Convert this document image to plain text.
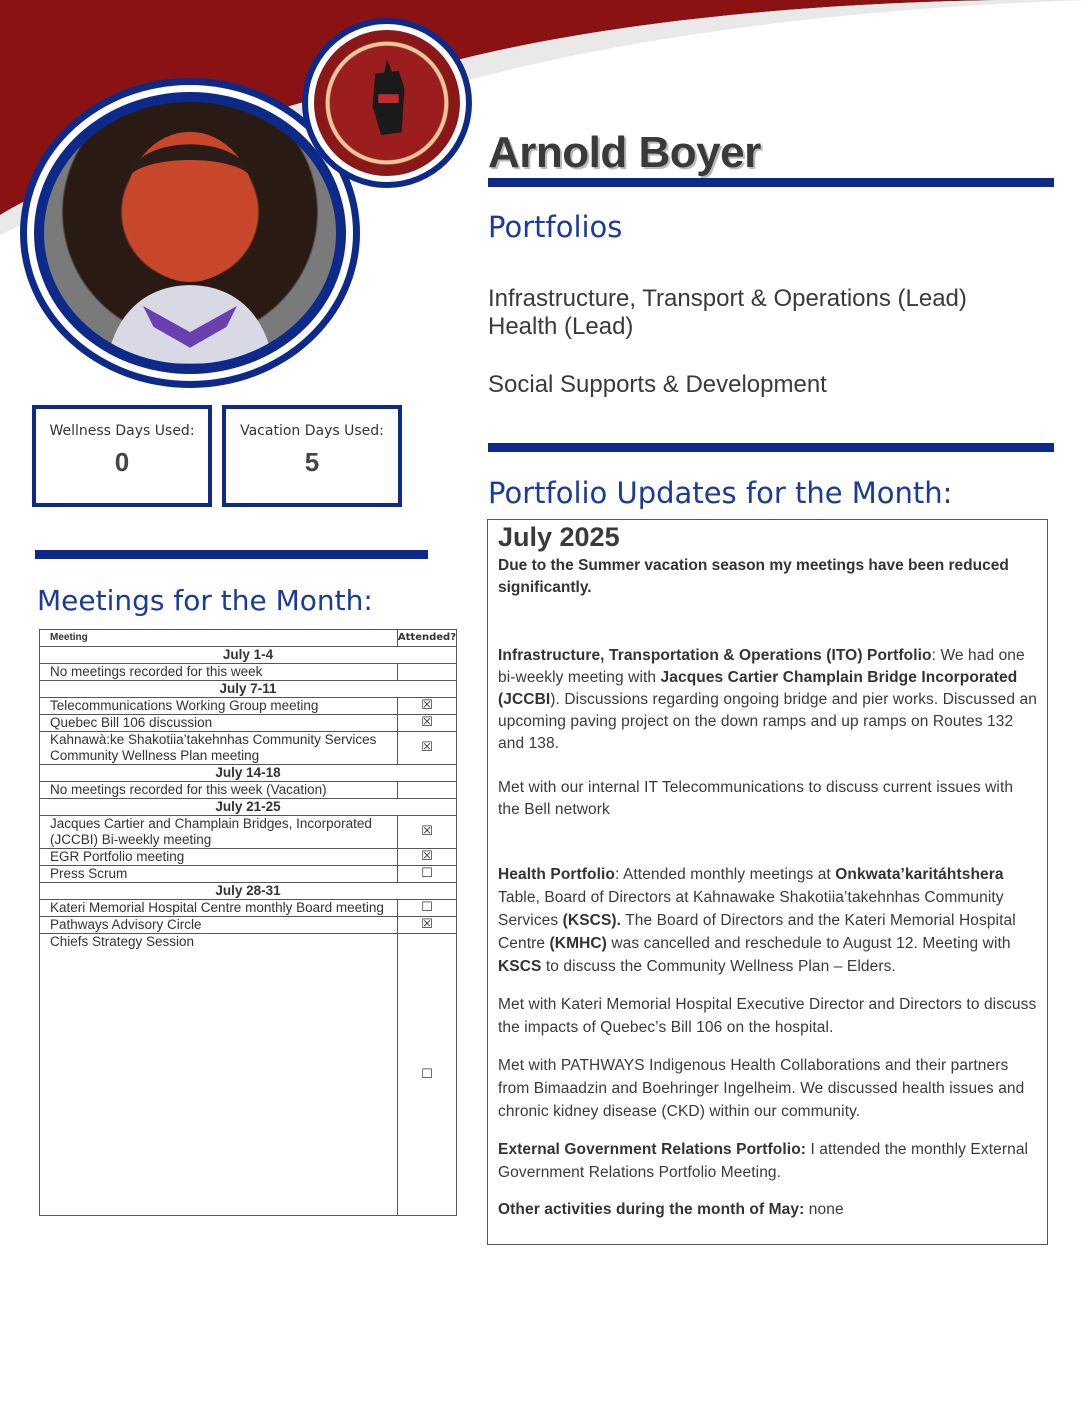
Arnold Boyer
Portfolios
Infrastructure, Transport & Operations (Lead)
Health (Lead)
Social Supports & Development
Portfolio Updates for the Month:
Wellness Days Used:
0
Vacation Days Used:
5
Meetings for the Month:
Meeting	Attended?
July 1-4	
No meetings recorded for this week	
July 7-11	
Telecommunications Working Group meeting	☒
Quebec Bill 106 discussion	☒
Kahnawà:ke Shakotiia’takehnhas Community Services Community Wellness Plan meeting	☒
July 14-18	
No meetings recorded for this week (Vacation)	
July 21-25	
Jacques Cartier and Champlain Bridges, Incorporated (JCCBI) Bi-weekly meeting	☒
EGR Portfolio meeting	☒
Press Scrum	☐
July 28-31	
Kateri Memorial Hospital Centre monthly Board meeting	☐
Pathways Advisory Circle	☒
Chiefs Strategy Session	☐
July 2025

Due to the Summer vacation season my meetings have been reduced significantly.

Infrastructure, Transportation & Operations (ITO) Portfolio: We had one bi-weekly meeting with Jacques Cartier Champlain Bridge Incorporated (JCCBI). Discussions regarding ongoing bridge and pier works. Discussed an upcoming paving project on the down ramps and up ramps on Routes 132 and 138.

Met with our internal IT Telecommunications to discuss current issues with the Bell network

Health Portfolio: Attended monthly meetings at Onkwata’karitáhtshera Table, Board of Directors at Kahnawake Shakotiia’takehnhas Community Services (KSCS). The Board of Directors and the Kateri Memorial Hospital Centre (KMHC) was cancelled and reschedule to August 12. Meeting with KSCS to discuss the Community Wellness Plan – Elders.

Met with Kateri Memorial Hospital Executive Director and Directors to discuss the impacts of Quebec’s Bill 106 on the hospital.

Met with PATHWAYS Indigenous Health Collaborations and their partners from Bimaadzin and Boehringer Ingelheim. We discussed health issues and chronic kidney disease (CKD) within our community.

External Government Relations Portfolio: I attended the monthly External Government Relations Portfolio Meeting.

Other activities during the month of May: none
